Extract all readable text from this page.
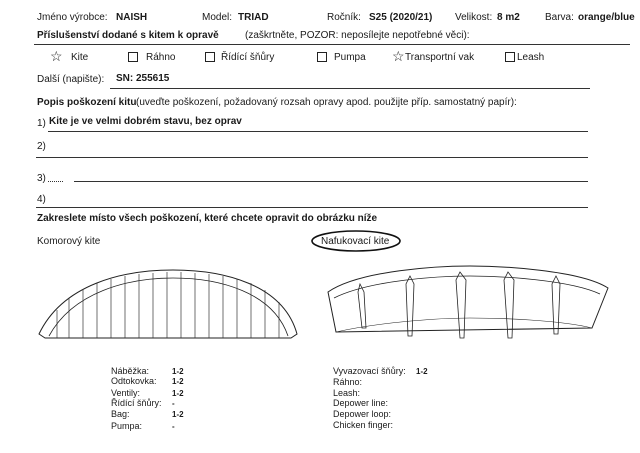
Jméno výrobce: NAISH	Model: TRIAD	Ročník: S25 (2020/21) Velikost: 8 m2	Barva: orange/blue
Příslušenství dodané s kitem k opravě	(zaškrtněte, POZOR: neposílejte nepotřebné věci):
☆ Kite	Ráhno	Řídící šňůry	Pumpa ☆ Transportní vak	Leash
Další (napište): SN: 255615
Popis poškození kitu (uveďte poškození, požadovaný rozsah opravy apod. použijte příp. samostatný papír):
1) Kite je ve velmi dobrém stavu, bez oprav
2)
3)
4)
Zakreslete místo všech poškození, které chcete opravit do obrázku níže
Komorový kite	Nafukovací kite
Náběžka:	1-2
Odtokovka: 1-2
Ventily:	1-2
Řídící šňůry: -
Bag:	1-2
Pumpa:	-
Vyvazovací šňůry: 1-2
Ráhno:
Leash:
Depower line:
Depower loop:
Chicken finger:
